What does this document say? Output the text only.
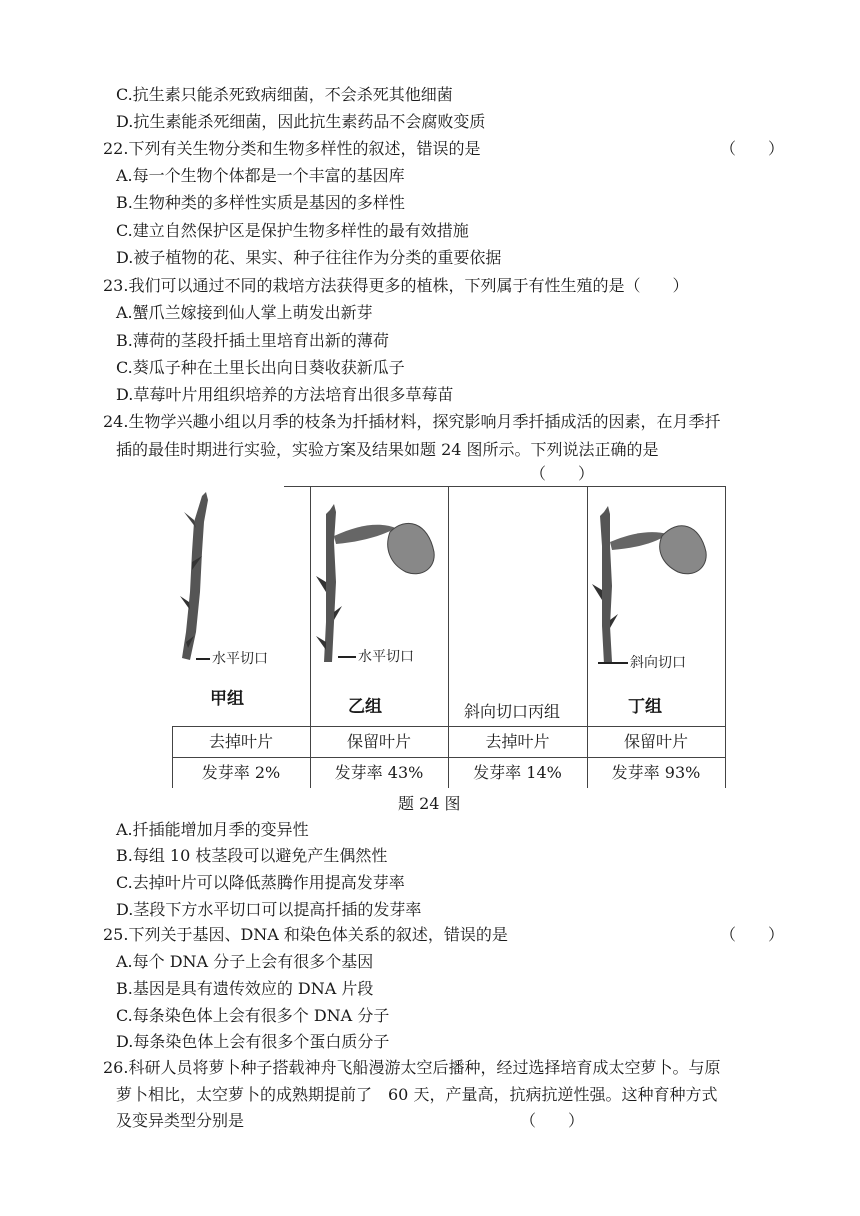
C.抗生素只能杀死致病细菌，不会杀死其他细菌
D.抗生素能杀死细菌，因此抗生素药品不会腐败变质
22.下列有关生物分类和生物多样性的叙述，错误的是	（　　）
A.每一个生物个体都是一个丰富的基因库
B.生物种类的多样性实质是基因的多样性
C.建立自然保护区是保护生物多样性的最有效措施
D.被子植物的花、果实、种子往往作为分类的重要依据
23.我们可以通过不同的栽培方法获得更多的植株，下列属于有性生殖的是（　　）
A.蟹爪兰嫁接到仙人掌上萌发出新芽
B.薄荷的茎段扦插土里培育出新的薄荷
C.葵瓜子种在土里长出向日葵收获新瓜子
D.草莓叶片用组织培养的方法培育出很多草莓苗
24.生物学兴趣小组以月季的枝条为扦插材料，探究影响月季扦插成活的因素，在月季扦
插的最佳时期进行实验，实验方案及结果如题 24 图所示。下列说法正确的是
（　　）
水平切口
甲组
水平切口
乙组	斜向切口丙组
斜向切口
丁组
去掉叶片	保留叶片	去掉叶片	保留叶片
发芽率 2%	发芽率 43%	发芽率 14%	发芽率 93%
题 24 图
A.扦插能增加月季的变异性
B.每组 10 枝茎段可以避免产生偶然性
C.去掉叶片可以降低蒸腾作用提高发芽率
D.茎段下方水平切口可以提高扦插的发芽率
25.下列关于基因、DNA 和染色体关系的叙述，错误的是	（　　）
A.每个 DNA 分子上会有很多个基因
B.基因是具有遗传效应的 DNA 片段
C.每条染色体上会有很多个 DNA 分子
D.每条染色体上会有很多个蛋白质分子
26.科研人员将萝卜种子搭载神舟飞船漫游太空后播种，经过选择培育成太空萝卜。与原
萝卜相比，太空萝卜的成熟期提前了　60 天，产量高，抗病抗逆性强。这种育种方式
及变异类型分别是	（　　）
